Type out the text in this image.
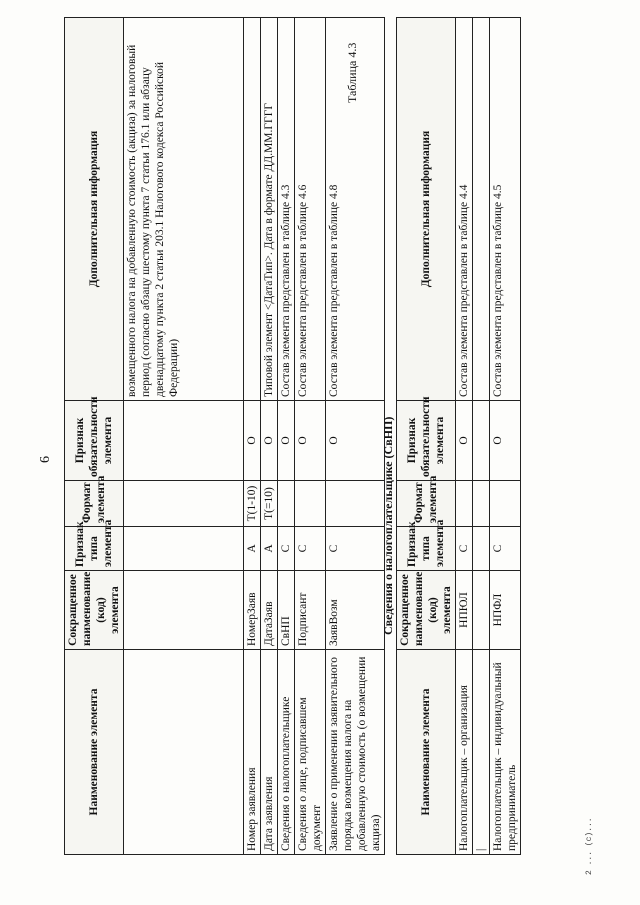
6
Наименование элемента	Сокращенное наименование (код) элемента	Признак типа элемента	Формат элемента	Признак обязательности элемента	Дополнительная информация
					возмещенного налога на добавленную стоимость (акциза) за налоговый период (согласно абзацу шестому пункта 7 статьи 176.1 или абзацу двенадцатому пункта 2 статьи 203.1 Налогового кодекса Российской Федерации)
Номер заявления	НомерЗаяв	А	Т(1-10)	О	
Дата заявления	ДатаЗаяв	А	Т(=10)	О	Типовой элемент <ДатаТип>. Дата в формате ДД.ММ.ГГГГ
Сведения о налогоплательщике	СвНП	С		О	Состав элемента представлен в таблице 4.3
Сведения о лице, подписавшем документ	Подписант	С		О	Состав элемента представлен в таблице 4.6
Заявление о применении заявительного порядка возмещения налога на добавленную стоимость (о возмещении акциза)	ЗаявВозм	С		О	Состав элемента представлен в таблице 4.8
Таблица 4.3
Сведения о налогоплательщике (СвНП)
Наименование элемента	Сокращенное наименование (код) элемента	Признак типа элемента	Формат элемента	Признак обязательности элемента	Дополнительная информация
Налогоплательщик – организация	НПЮЛ	С		О	Состав элемента представлен в таблице 4.4
|					
Налогоплательщик – индивидуальный предприниматель	НПФЛ	С		О	Состав элемента представлен в таблице 4.5
2 ... (c)...
